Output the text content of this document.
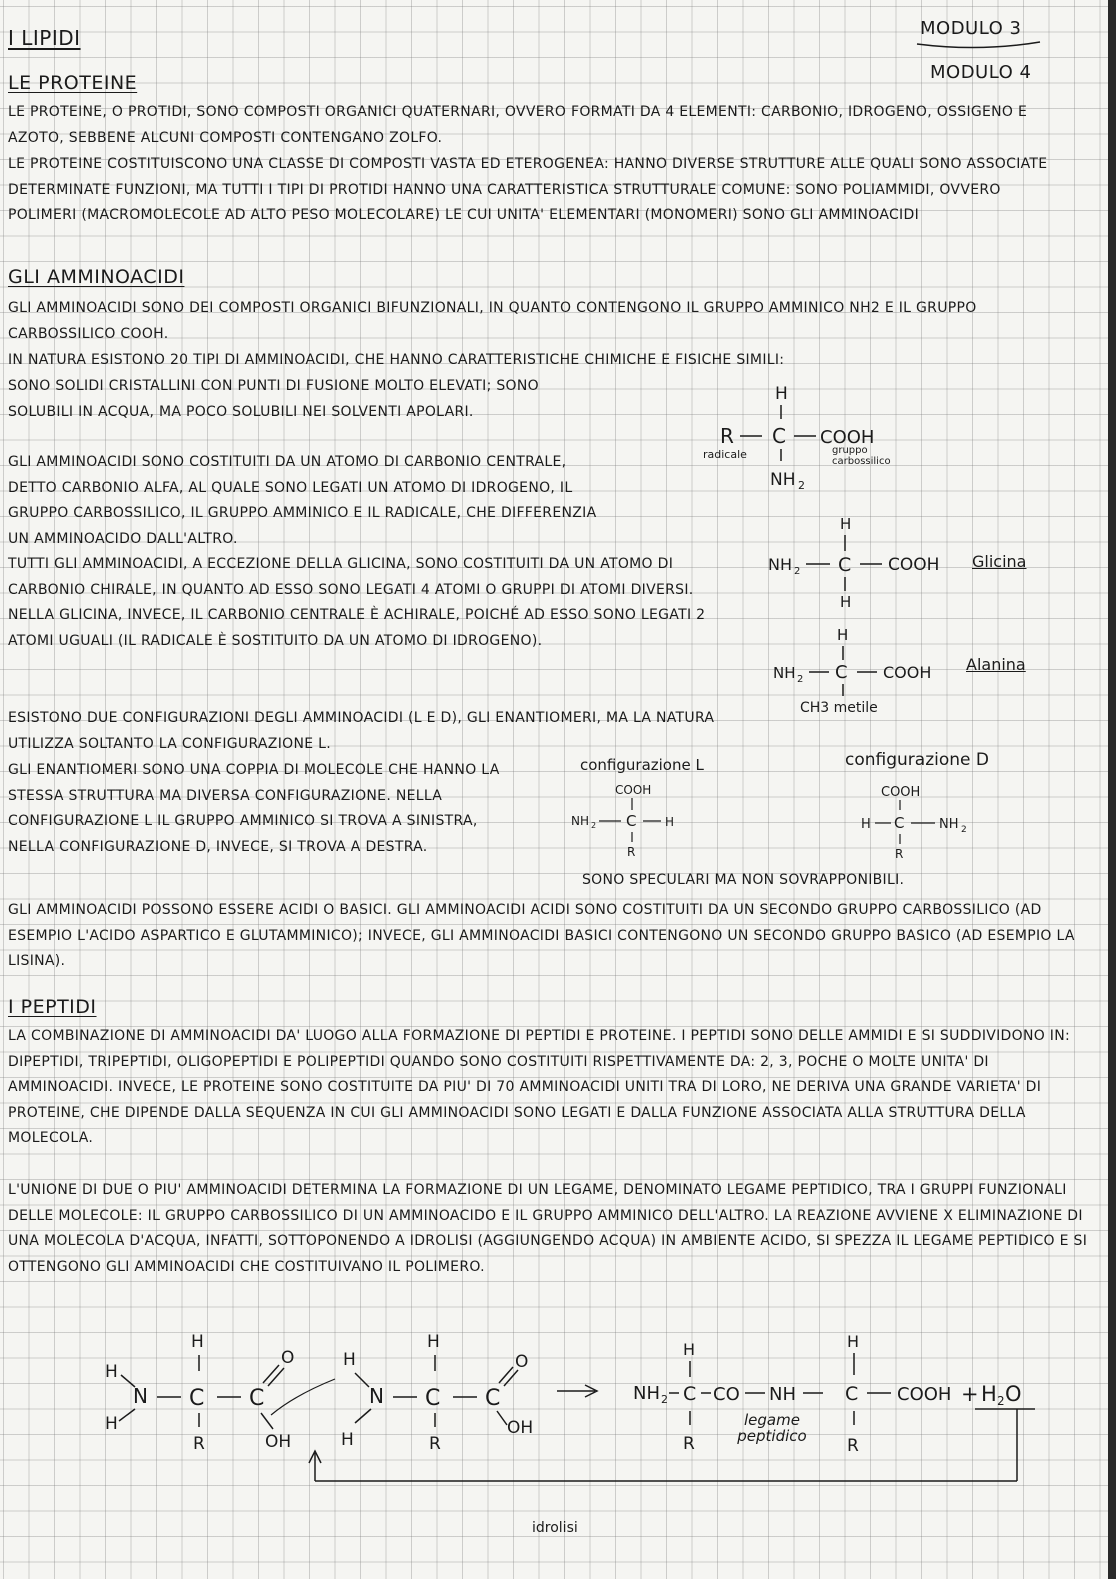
I LIPIDI	MODULO 3
MODULO 4
LE PROTEINE
LE PROTEINE, O PROTIDI, SONO COMPOSTI ORGANICI QUATERNARI, OVVERO FORMATI DA 4 ELEMENTI: CARBONIO, IDROGENO, OSSIGENO E AZOTO, SEBBENE ALCUNI COMPOSTI CONTENGANO ZOLFO.
LE PROTEINE COSTITUISCONO UNA CLASSE DI COMPOSTI VASTA ED ETEROGENEA: HANNO DIVERSE STRUTTURE ALLE QUALI SONO ASSOCIATE DETERMINATE FUNZIONI, MA TUTTI I TIPI DI PROTIDI HANNO UNA CARATTERISTICA STRUTTURALE COMUNE: SONO POLIAMMIDI, OVVERO POLIMERI (MACROMOLECOLE AD ALTO PESO MOLECOLARE) LE CUI UNITA' ELEMENTARI (MONOMERI) SONO GLI AMMINOACIDI
GLI AMMINOACIDI
GLI AMMINOACIDI SONO DEI COMPOSTI ORGANICI BIFUNZIONALI, IN QUANTO CONTENGONO IL GRUPPO AMMINICO NH2 E IL GRUPPO CARBOSSILICO COOH.
IN NATURA ESISTONO 20 TIPI DI AMMINOACIDI, CHE HANNO CARATTERISTICHE CHIMICHE E FISICHE SIMILI:
SONO SOLIDI CRISTALLINI CON PUNTI DI FUSIONE MOLTO ELEVATI; SONO SOLUBILI IN ACQUA, MA POCO SOLUBILI NEI SOLVENTI APOLARI.
GLI AMMINOACIDI SONO COSTITUITI DA UN ATOMO DI CARBONIO CENTRALE, DETTO CARBONIO ALFA, AL QUALE SONO LEGATI UN ATOMO DI IDROGENO, IL GRUPPO CARBOSSILICO, IL GRUPPO AMMINICO E IL RADICALE, CHE DIFFERENZIA UN AMMINOACIDO DALL'ALTRO.
TUTTI GLI AMMINOACIDI, A ECCEZIONE DELLA GLICINA, SONO COSTITUITI DA UN ATOMO DI CARBONIO CHIRALE, IN QUANTO AD ESSO SONO LEGATI 4 ATOMI O GRUPPI DI ATOMI DIVERSI. NELLA GLICINA, INVECE, IL CARBONIO CENTRALE È ACHIRALE, POICHÉ AD ESSO SONO LEGATI 2 ATOMI UGUALI (IL RADICALE È SOSTITUITO DA UN ATOMO DI IDROGENO).
ESISTONO DUE CONFIGURAZIONI DEGLI AMMINOACIDI (L E D), GLI ENANTIOMERI, MA LA NATURA UTILIZZA SOLTANTO LA CONFIGURAZIONE L.
GLI ENANTIOMERI SONO UNA COPPIA DI MOLECOLE CHE HANNO LA STESSA STRUTTURA MA DIVERSA CONFIGURAZIONE. NELLA CONFIGURAZIONE L IL GRUPPO AMMINICO SI TROVA A SINISTRA, NELLA CONFIGURAZIONE D, INVECE, SI TROVA A DESTRA.
GLI AMMINOACIDI POSSONO ESSERE ACIDI O BASICI. GLI AMMINOACIDI ACIDI SONO COSTITUITI DA UN SECONDO GRUPPO CARBOSSILICO (AD ESEMPIO L'ACIDO ASPARTICO E GLUTAMMINICO); INVECE, GLI AMMINOACIDI BASICI CONTENGONO UN SECONDO GRUPPO BASICO (AD ESEMPIO LA LISINA).
H
R C COOH
NH 2
radicale	gruppo carbossilico
H
NH 2 C COOH
H
Glicina
H
NH 2 C COOH Alanina
CH3 metile
configurazione L	configurazione D
COOH
NH 2 C H
R
COOH
H C	NH 2
R
SONO SPECULARI MA NON SOVRAPPONIBILI.
I PEPTIDI
LA COMBINAZIONE DI AMMINOACIDI DA' LUOGO ALLA FORMAZIONE DI PEPTIDI E PROTEINE. I PEPTIDI SONO DELLE AMMIDI E SI SUDDIVIDONO IN: DIPEPTIDI, TRIPEPTIDI, OLIGOPEPTIDI E POLIPEPTIDI QUANDO SONO COSTITUITI RISPETTIVAMENTE DA: 2, 3, POCHE O MOLTE UNITA' DI AMMINOACIDI. INVECE, LE PROTEINE SONO COSTITUITE DA PIU' DI 70 AMMINOACIDI UNITI TRA DI LORO, NE DERIVA UNA GRANDE VARIETA' DI PROTEINE, CHE DIPENDE DALLA SEQUENZA IN CUI GLI AMMINOACIDI SONO LEGATI E DALLA FUNZIONE ASSOCIATA ALLA STRUTTURA DELLA MOLECOLA.
L'UNIONE DI DUE O PIU' AMMINOACIDI DETERMINA LA FORMAZIONE DI UN LEGAME, DENOMINATO LEGAME PEPTIDICO, TRA I GRUPPI FUNZIONALI DELLE MOLECOLE: IL GRUPPO CARBOSSILICO DI UN AMMINOACIDO E IL GRUPPO AMMINICO DELL'ALTRO. LA REAZIONE AVVIENE X ELIMINAZIONE DI UNA MOLECOLA D'ACQUA, INFATTI, SOTTOPONENDO A IDROLISI (AGGIUNGENDO ACQUA) IN AMBIENTE ACIDO, SI SPEZZA IL LEGAME PEPTIDICO E SI OTTENGONO GLI AMMINOACIDI CHE COSTITUIVANO IL POLIMERO.
H
N
H
H
C
R
C
O
OH
H
N
H
H
C
R
C
O
OH
NH 2
H
C CO NH
H
C COOH
R
R
+ H 2 O
legame peptidico
idrolisi
